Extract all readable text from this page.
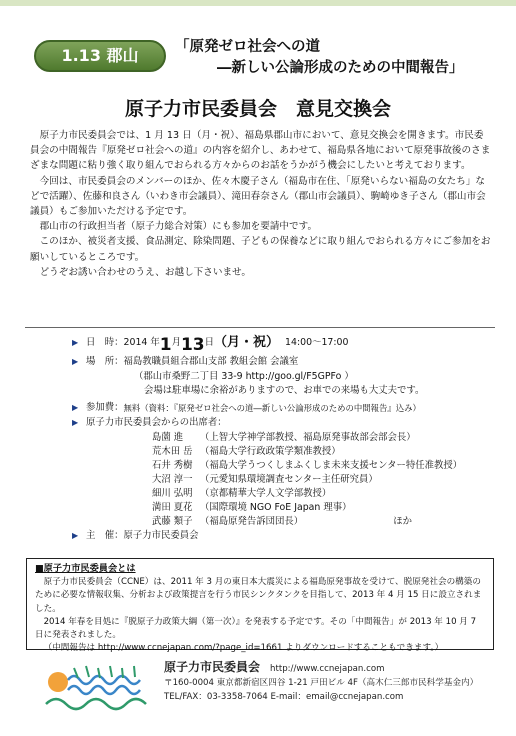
1.13 郡山	「原発ゼロ社会への道
―新しい公論形成のための中間報告」
原子力市民委員会　意見交換会

原子力市民委員会では、1 月 13 日（月・祝）、福島県郡山市において、意見交換会を開きます。市民委員会の中間報告『原発ゼロ社会への道』の内容を紹介し、あわせて、福島県各地において原発事故後のさまざまな問題に粘り強く取り組んでおられる方々からのお話をうかがう機会にしたいと考えております。

今回は、市民委員会のメンバーのほか、佐々木慶子さん（福島市在住、「原発いらない福島の女たち」などで活躍）、佐藤和良さん（いわき市会議員）、滝田春奈さん（郡山市会議員）、駒崎ゆき子さん（郡山市会議員）もご参加いただける予定です。

郡山市の行政担当者（原子力総合対策）にも参加を要請中です。

このほか、被災者支援、食品測定、除染問題、子どもの保養などに取り組んでおられる方々にご参加をお願いしているところです。

どうぞお誘い合わせのうえ、お越し下さいませ。

▶ 日　時： 2014 年 1 月 13 日 （月・祝） 14:00～17:00
▶ 場　所： 福島教職員組合郡山支部 教組会館 会議室
（郡山市桑野二丁目 33-9 http://goo.gl/F5GPFo ）
会場は駐車場に余裕がありますので、お車での来場も大丈夫です。
▶ 参加費： 無料（資料：『原発ゼロ社会への道―新しい公論形成のための中間報告』込み）
▶ 原子力市民委員会からの出席者：
島薗 進	（上智大学神学部教授、福島原発事故部会部会長）
荒木田 岳 （福島大学行政政策学類准教授）
石井 秀樹 （福島大学うつくしまふくしま未来支援センター特任准教授）
大沼 淳一 （元愛知県環境調査センター主任研究員）
細川 弘明 （京都精華大学人文学部教授）
満田 夏花 （国際環境 NGO FoE Japan 理事）
武藤 類子 （福島原発告訴団団長）	ほか
▶ 主　催： 原子力市民委員会
■原子力市民委員会とは

原子力市民委員会（CCNE）は、2011 年 3 月の東日本大震災による福島原発事故を受けて、脱原発社会の構築のために必要な情報収集、分析および政策提言を行う市民シンクタンクを目指して、2013 年 4 月 15 日に設立されました。

2014 年春を目処に『脱原子力政策大綱（第一次）』を発表する予定です。その「中間報告」が 2013 年 10 月 7 日に発表されました。

（中間報告は http://www.ccnejapan.com/?page_id=1661 よりダウンロードすることもできます。）

原子力市民委員会 http://www.ccnejapan.com
〒160-0004 東京都新宿区四谷 1-21 戸田ビル 4F（高木仁三郎市民科学基金内）
TEL/FAX：03-3358-7064 E-mail：email@ccnejapan.com
